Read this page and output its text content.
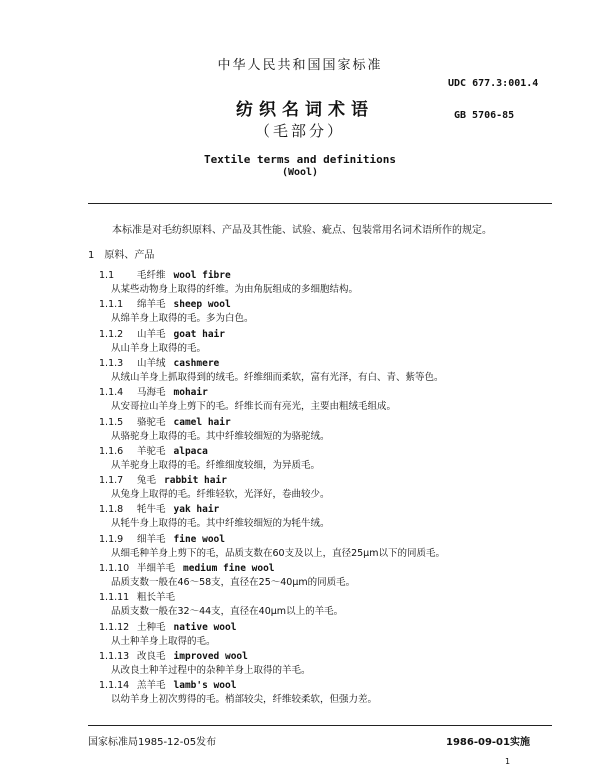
中华人民共和国国家标准
UDC 677.3:001.4
纺织名词术语	GB 5706-85
（毛部分）
Textile terms and definitions
(Wool)
本标准是对毛纺织原料、产品及其性能、试验、疵点、包装常用名词术语所作的规定。
1　原料、产品
1.1 毛纤维 wool fibre
从某些动物身上取得的纤维。为由角朊组成的多细胞结构。
1.1.1 绵羊毛 sheep wool
从绵羊身上取得的毛。多为白色。
1.1.2 山羊毛 goat hair
从山羊身上取得的毛。
1.1.3 山羊绒 cashmere
从绒山羊身上抓取得到的绒毛。纤维细而柔软，富有光泽，有白、青、紫等色。
1.1.4 马海毛 mohair
从安哥拉山羊身上剪下的毛。纤维长而有亮光，主要由粗绒毛组成。
1.1.5 骆驼毛 camel hair
从骆驼身上取得的毛。其中纤维较细短的为骆驼绒。
1.1.6 羊驼毛 alpaca
从羊驼身上取得的毛。纤维细度较细，为异质毛。
1.1.7 兔毛 rabbit hair
从兔身上取得的毛。纤维轻软，光泽好，卷曲较少。
1.1.8 牦牛毛 yak hair
从牦牛身上取得的毛。其中纤维较细短的为牦牛绒。
1.1.9 细羊毛 fine wool
从细毛种羊身上剪下的毛，品质支数在60支及以上，直径25μm以下的同质毛。
1.1.10 半细羊毛 medium fine wool
品质支数一般在46～58支，直径在25～40μm的同质毛。
1.1.11 粗长羊毛
品质支数一般在32～44支，直径在40μm以上的羊毛。
1.1.12 土种毛 native wool
从土种羊身上取得的毛。
1.1.13 改良毛 improved wool
从改良土种羊过程中的杂种羊身上取得的羊毛。
1.1.14 羔羊毛 lamb's wool
以幼羊身上初次剪得的毛。梢部较尖，纤维较柔软，但强力差。
国家标准局1985-12-05发布	1986-09-01实施
1
